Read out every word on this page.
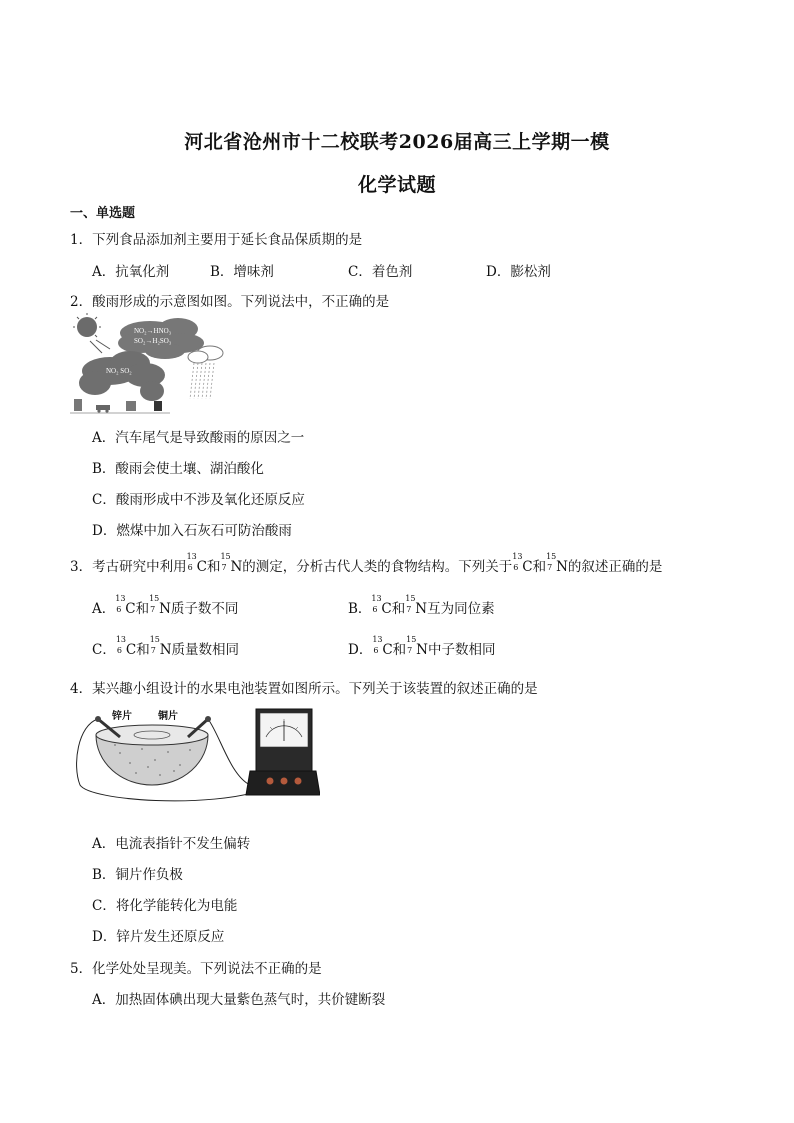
河北省沧州市十二校联考2026届高三上学期一模
化学试题
一、单选题
1．下列食品添加剂主要用于延长食品保质期的是
A．抗氧化剂	B．增味剂	C．着色剂	D．膨松剂
2．酸雨形成的示意图如图。下列说法中，不正确的是
NO₂→HNO₃
SO₂→H₂SO₃
NO₂ SO₂
A．汽车尾气是导致酸雨的原因之一
B．酸雨会使土壤、湖泊酸化
C．酸雨形成中不涉及氧化还原反应
D．燃煤中加入石灰石可防治酸雨
3．考古研究中利用
13
6 C和
15
7 N的测定，分析古代人类的食物结构。下列关于
13
6 C和
15
7 N的叙述正确的是
A．
13
6 C和
15
7 N质子数不同	B．
13
6 C和
15
7 N互为同位素
C．
13
6 C和
15
7 N质量数相同	D．
13
6 C和
15
7 N中子数相同
4．某兴趣小组设计的水果电池装置如图所示。下列关于该装置的叙述正确的是
锌片	铜片
A．电流表指针不发生偏转
B．铜片作负极
C．将化学能转化为电能
D．锌片发生还原反应
5．化学处处呈现美。下列说法不正确的是
A．加热固体碘出现大量紫色蒸气时，共价键断裂
